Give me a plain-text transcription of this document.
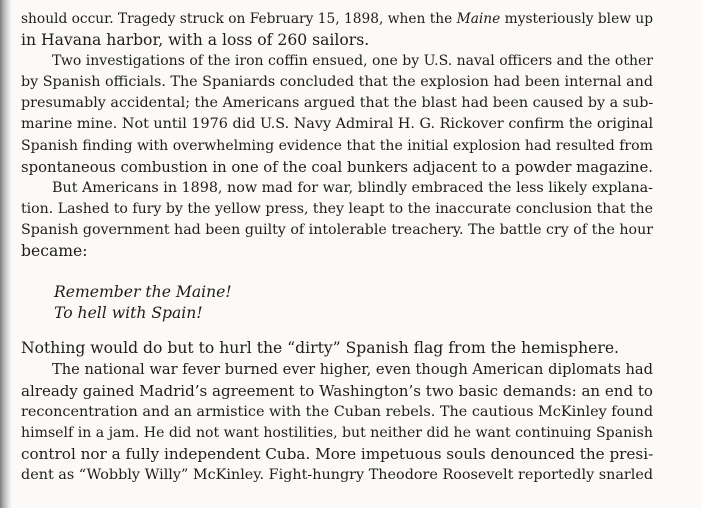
should occur. Tragedy struck on February 15, 1898, when the Maine mysteriously blew up
in Havana harbor, with a loss of 260 sailors.
Two investigations of the iron coffin ensued, one by U.S. naval officers and the other
by Spanish officials. The Spaniards concluded that the explosion had been internal and
presumably accidental; the Americans argued that the blast had been caused by a sub-
marine mine. Not until 1976 did U.S. Navy Admiral H. G. Rickover confirm the original
Spanish finding with overwhelming evidence that the initial explosion had resulted from
spontaneous combustion in one of the coal bunkers adjacent to a powder magazine.
But Americans in 1898, now mad for war, blindly embraced the less likely explana-
tion. Lashed to fury by the yellow press, they leapt to the inaccurate conclusion that the
Spanish government had been guilty of intolerable treachery. The battle cry of the hour
became:
Remember the Maine!
To hell with Spain!
Nothing would do but to hurl the “dirty” Spanish flag from the hemisphere.
The national war fever burned ever higher, even though American diplomats had
already gained Madrid’s agreement to Washington’s two basic demands: an end to
reconcentration and an armistice with the Cuban rebels. The cautious McKinley found
himself in a jam. He did not want hostilities, but neither did he want continuing Spanish
control nor a fully independent Cuba. More impetuous souls denounced the presi-
dent as “Wobbly Willy” McKinley. Fight-hungry Theodore Roosevelt reportedly snarled
